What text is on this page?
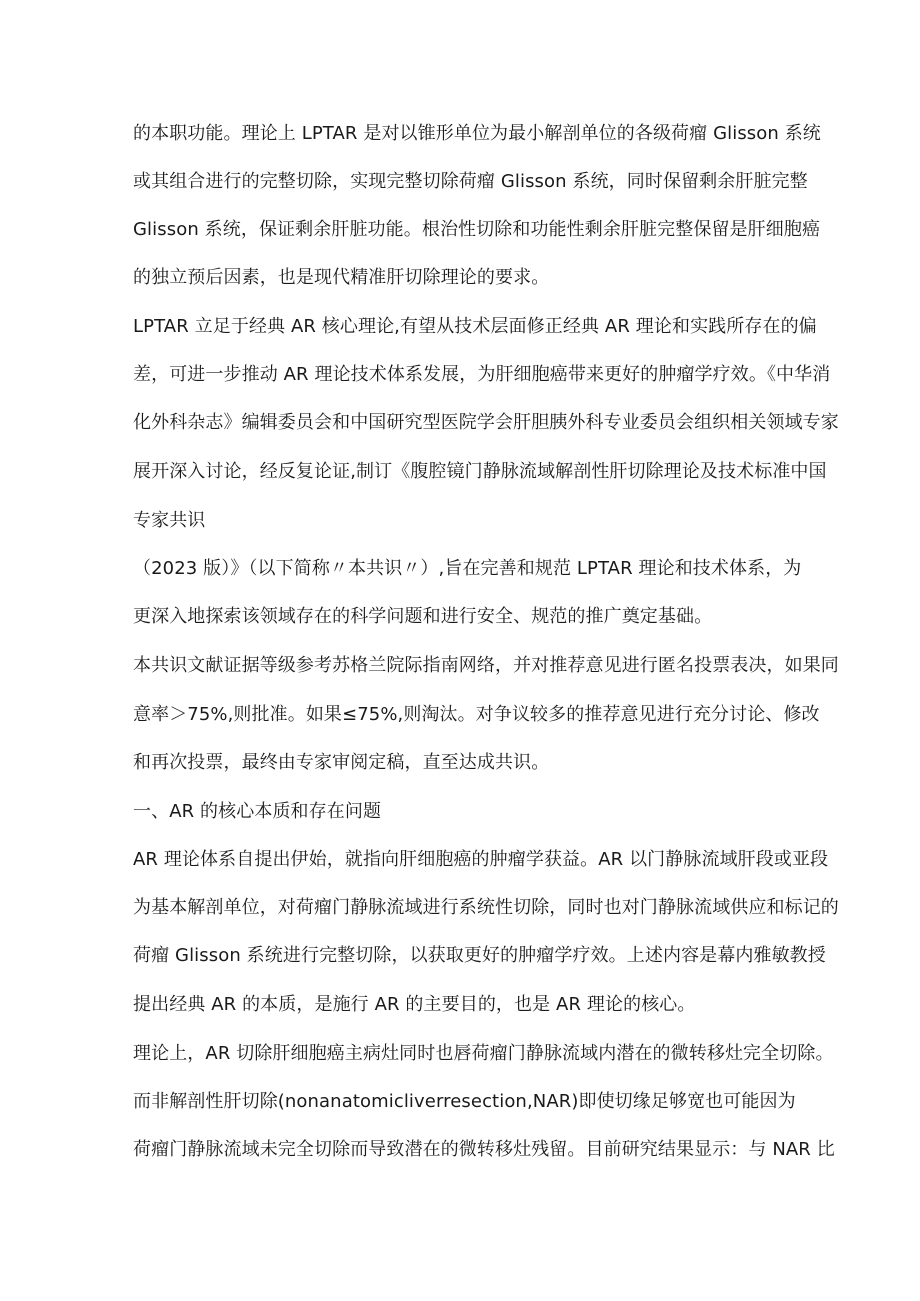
的本职功能。理论上 LPTAR 是对以锥形单位为最小解剖单位的各级荷瘤 Glisson 系统
或其组合进行的完整切除，实现完整切除荷瘤 Glisson 系统，同时保留剩余肝脏完整
Glisson 系统，保证剩余肝脏功能。根治性切除和功能性剩余肝脏完整保留是肝细胞癌
的独立预后因素，也是现代精准肝切除理论的要求。
LPTAR 立足于经典 AR 核心理论,有望从技术层面修正经典 AR 理论和实践所存在的偏
差，可进一步推动 AR 理论技术体系发展，为肝细胞癌带来更好的肿瘤学疗效。《中华消
化外科杂志》编辑委员会和中国研究型医院学会肝胆胰外科专业委员会组织相关领域专家
展开深入讨论，经反复论证,制订《腹腔镜门静脉流域解剖性肝切除理论及技术标准中国
专家共识
（2023 版）》（以下简称〃本共识〃）,旨在完善和规范 LPTAR 理论和技术体系，为
更深入地探索该领域存在的科学问题和进行安全、规范的推广奠定基础。
本共识文献证据等级参考苏格兰院际指南网络，并对推荐意见进行匿名投票表决，如果同
意率＞75%,则批准。如果≤75%,则淘汰。对争议较多的推荐意见进行充分讨论、修改
和再次投票，最终由专家审阅定稿，直至达成共识。
一、AR 的核心本质和存在问题
AR 理论体系自提出伊始，就指向肝细胞癌的肿瘤学获益。AR 以门静脉流域肝段或亚段
为基本解剖单位，对荷瘤门静脉流域进行系统性切除，同时也对门静脉流域供应和标记的
荷瘤 Glisson 系统进行完整切除，以获取更好的肿瘤学疗效。上述内容是幕内雅敏教授
提出经典 AR 的本质，是施行 AR 的主要目的，也是 AR 理论的核心。
理论上，AR 切除肝细胞癌主病灶同时也唇荷瘤门静脉流域内潜在的微转移灶完全切除。
而非解剖性肝切除(nonanatomicliverresection,NAR)即使切缘足够宽也可能因为
荷瘤门静脉流域未完全切除而导致潜在的微转移灶残留。目前研究结果显示：与 NAR 比
